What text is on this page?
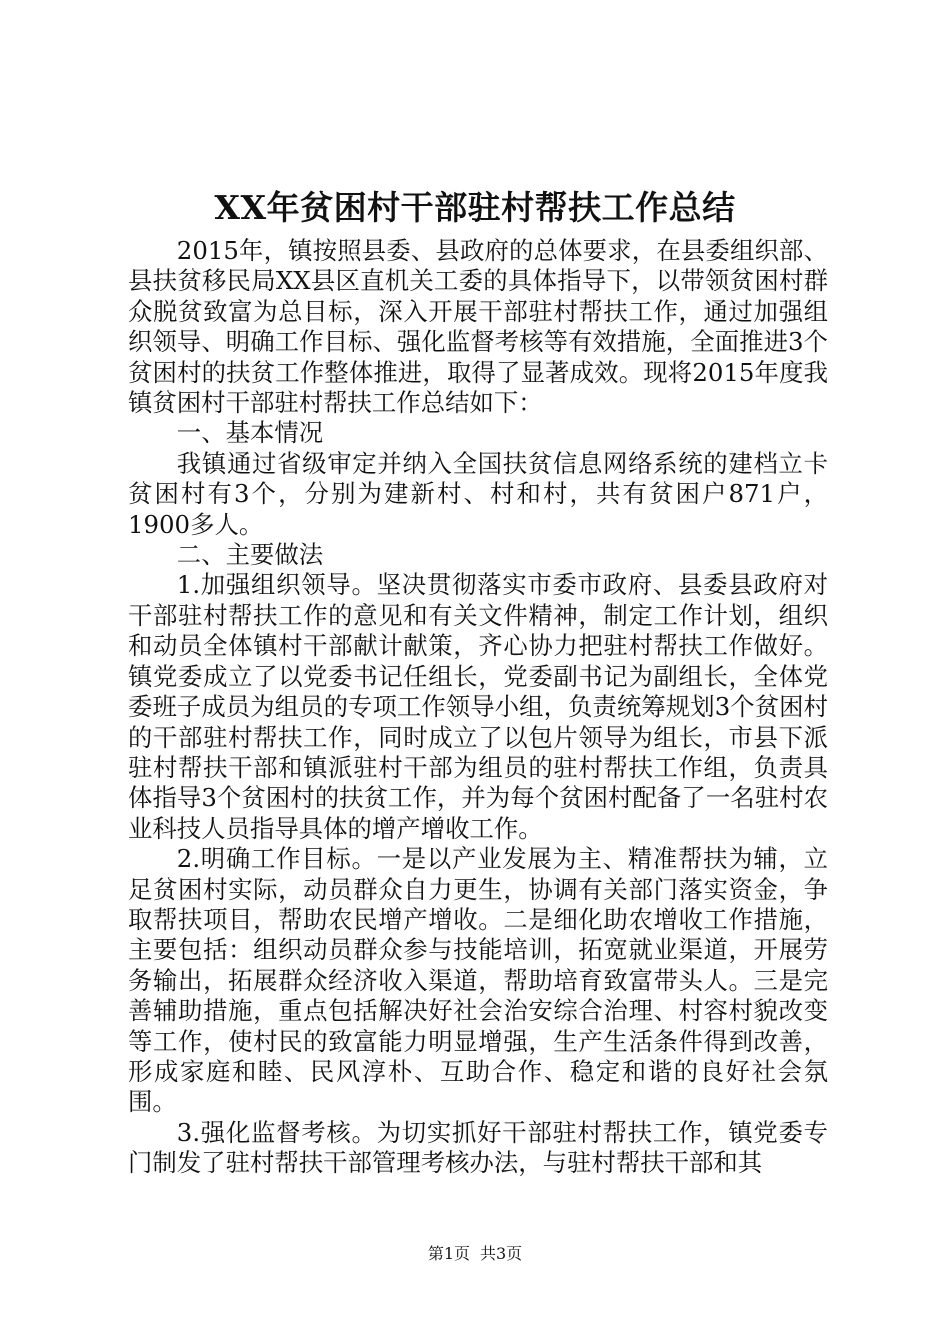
XX年贫困村干部驻村帮扶工作总结

2015年，镇按照县委、县政府的总体要求，在县委组织部、县扶贫移民局XX县区直机关工委的具体指导下，以带领贫困村群众脱贫致富为总目标，深入开展干部驻村帮扶工作，通过加强组织领导、明确工作目标、强化监督考核等有效措施，全面推进3个贫困村的扶贫工作整体推进，取得了显著成效。现将2015年度我镇贫困村干部驻村帮扶工作总结如下：

一、基本情况

我镇通过省级审定并纳入全国扶贫信息网络系统的建档立卡贫困村有3个，分别为建新村、村和村，共有贫困户871户，1900多人。

二、主要做法

1.加强组织领导。坚决贯彻落实市委市政府、县委县政府对干部驻村帮扶工作的意见和有关文件精神，制定工作计划，组织和动员全体镇村干部献计献策，齐心协力把驻村帮扶工作做好。镇党委成立了以党委书记任组长，党委副书记为副组长，全体党委班子成员为组员的专项工作领导小组，负责统筹规划3个贫困村的干部驻村帮扶工作，同时成立了以包片领导为组长，市县下派驻村帮扶干部和镇派驻村干部为组员的驻村帮扶工作组，负责具体指导3个贫困村的扶贫工作，并为每个贫困村配备了一名驻村农业科技人员指导具体的增产增收工作。

2.明确工作目标。一是以产业发展为主、精准帮扶为辅，立足贫困村实际，动员群众自力更生，协调有关部门落实资金，争取帮扶项目，帮助农民增产增收。二是细化助农增收工作措施，主要包括：组织动员群众参与技能培训，拓宽就业渠道，开展劳务输出，拓展群众经济收入渠道，帮助培育致富带头人。三是完善辅助措施，重点包括解决好社会治安综合治理、村容村貌改变等工作，使村民的致富能力明显增强，生产生活条件得到改善，形成家庭和睦、民风淳朴、互助合作、稳定和谐的良好社会氛围。

3.强化监督考核。为切实抓好干部驻村帮扶工作，镇党委专门制发了驻村帮扶干部管理考核办法，与驻村帮扶干部和其

第1页 共3页
